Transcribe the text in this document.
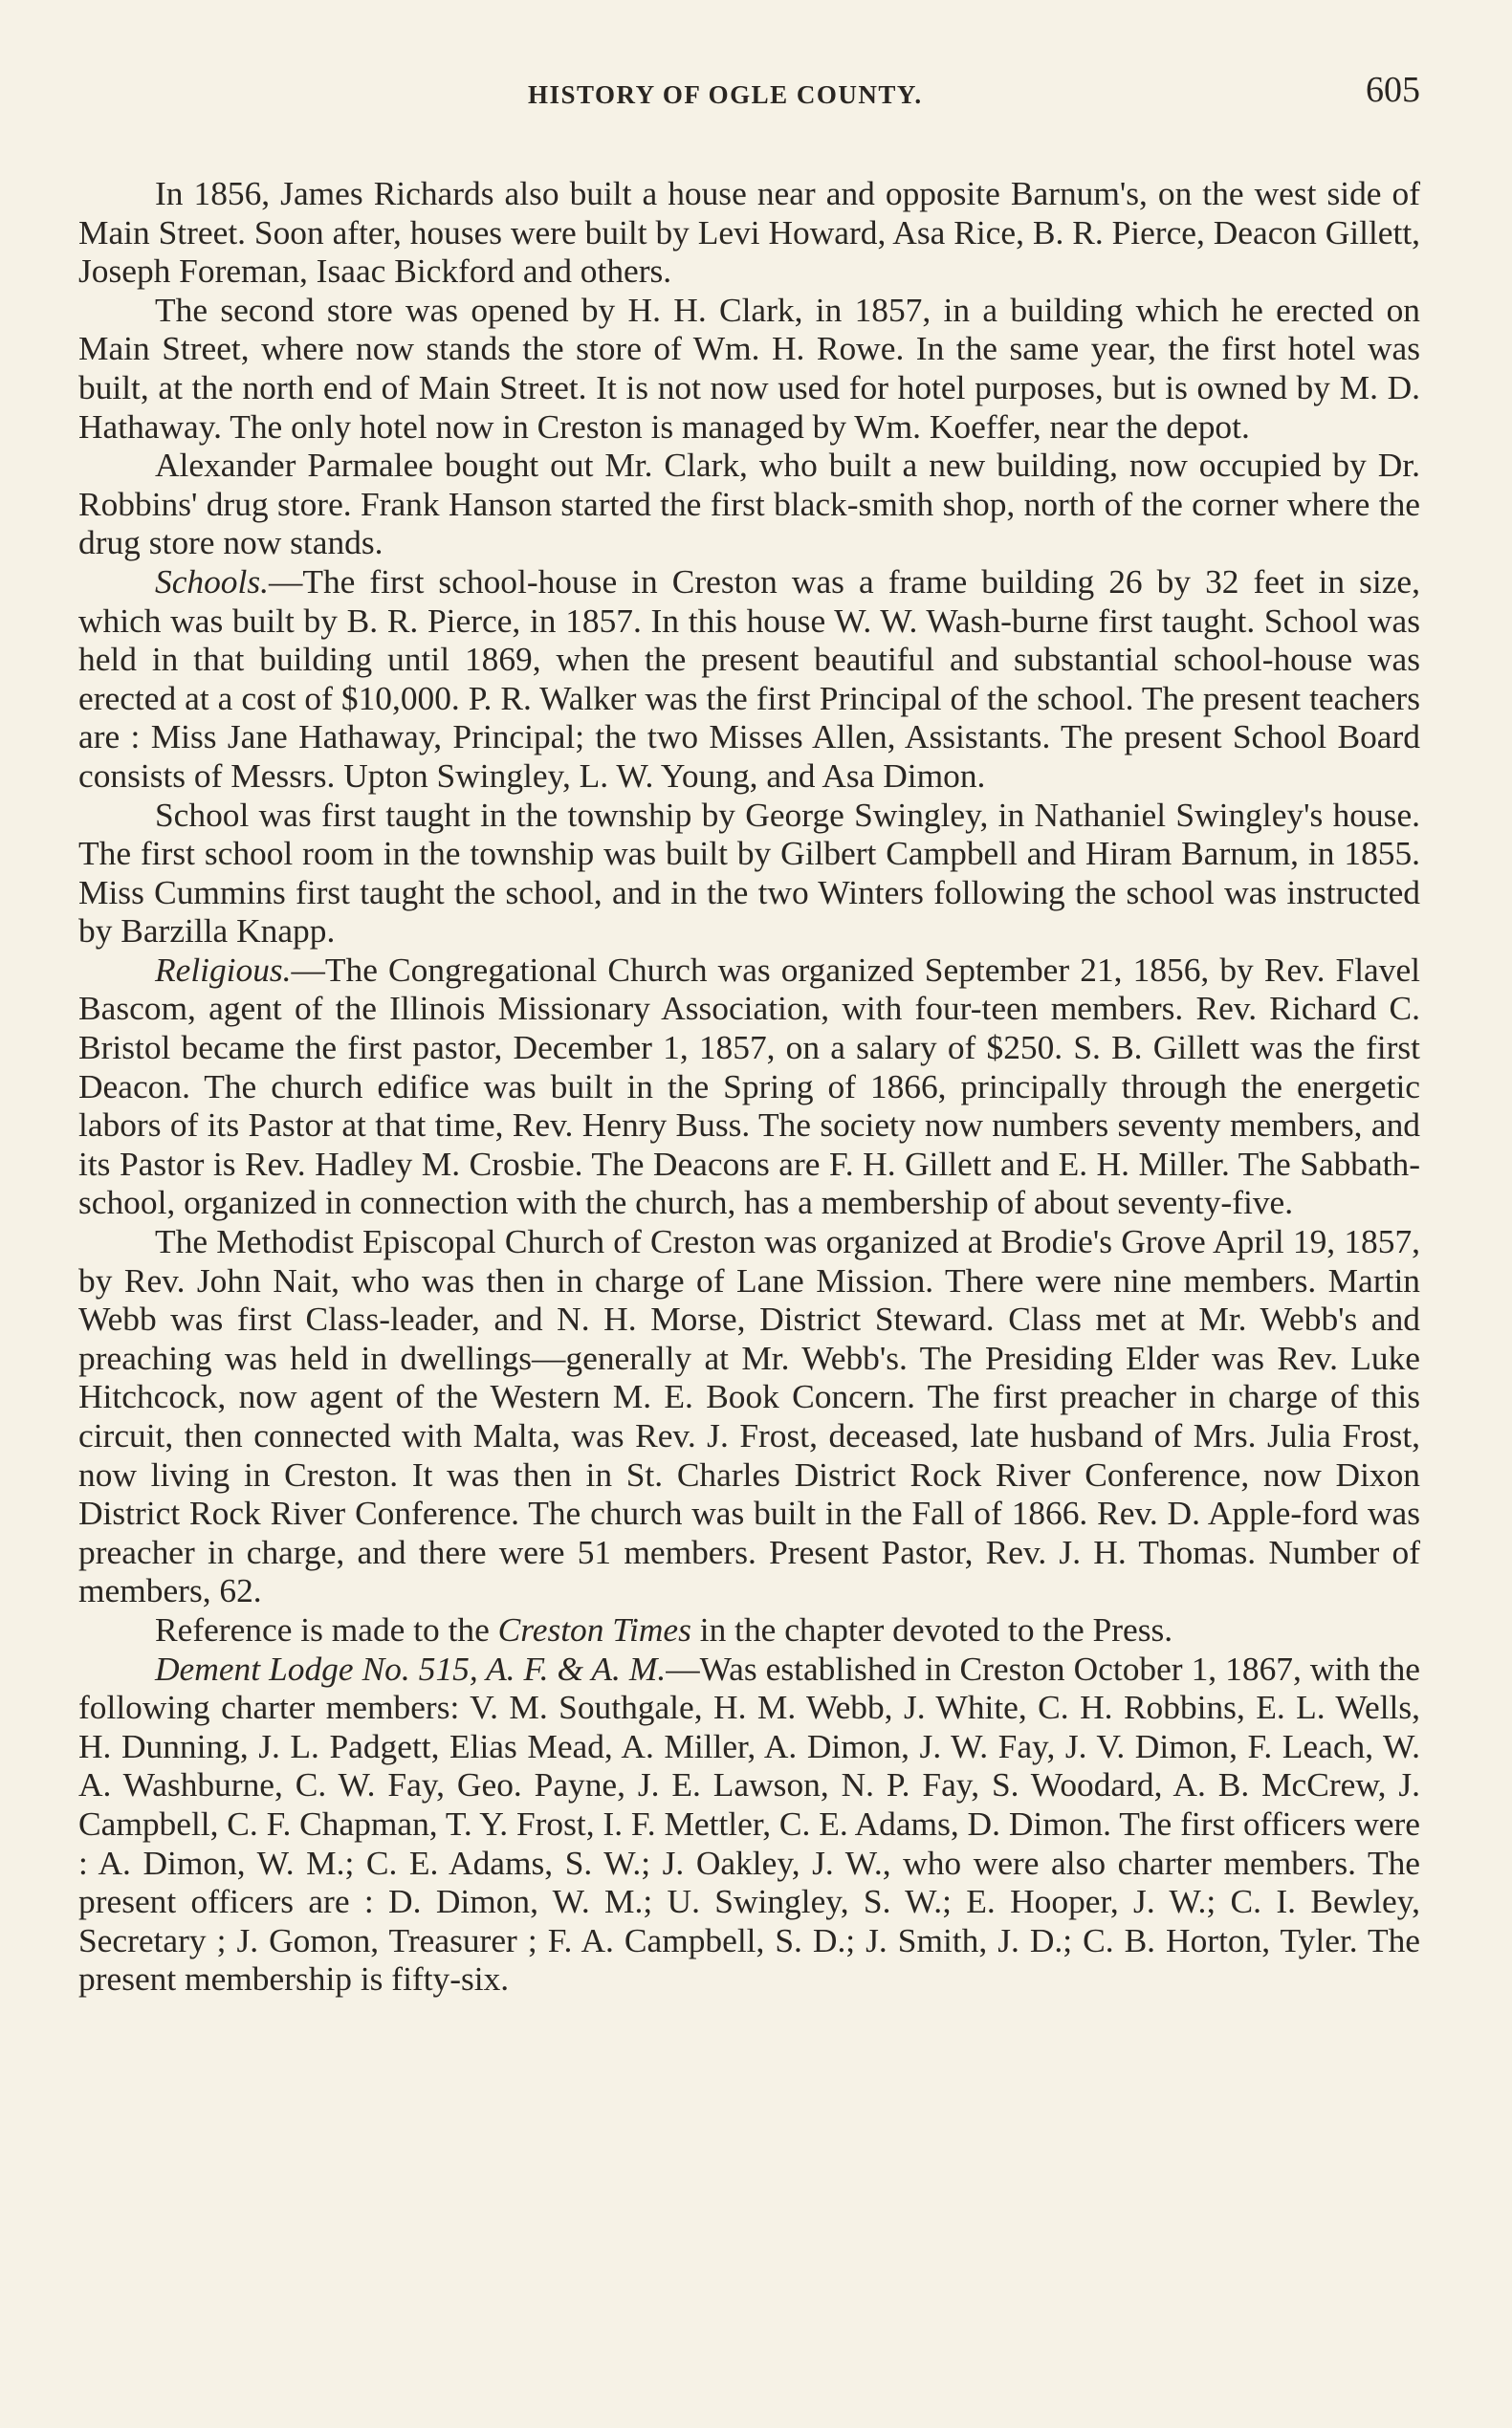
HISTORY OF OGLE COUNTY.	605

In 1856, James Richards also built a house near and opposite Barnum's, on the west side of Main Street. Soon after, houses were built by Levi Howard, Asa Rice, B. R. Pierce, Deacon Gillett, Joseph Foreman, Isaac Bickford and others.

The second store was opened by H. H. Clark, in 1857, in a building which he erected on Main Street, where now stands the store of Wm. H. Rowe. In the same year, the first hotel was built, at the north end of Main Street. It is not now used for hotel purposes, but is owned by M. D. Hathaway. The only hotel now in Creston is managed by Wm. Koeffer, near the depot.

Alexander Parmalee bought out Mr. Clark, who built a new building, now occupied by Dr. Robbins' drug store. Frank Hanson started the first black-smith shop, north of the corner where the drug store now stands.

Schools.—The first school-house in Creston was a frame building 26 by 32 feet in size, which was built by B. R. Pierce, in 1857. In this house W. W. Wash-burne first taught. School was held in that building until 1869, when the present beautiful and substantial school-house was erected at a cost of $10,000. P. R. Walker was the first Principal of the school. The present teachers are : Miss Jane Hathaway, Principal; the two Misses Allen, Assistants. The present School Board consists of Messrs. Upton Swingley, L. W. Young, and Asa Dimon.

School was first taught in the township by George Swingley, in Nathaniel Swingley's house. The first school room in the township was built by Gilbert Campbell and Hiram Barnum, in 1855. Miss Cummins first taught the school, and in the two Winters following the school was instructed by Barzilla Knapp.

Religious.—The Congregational Church was organized September 21, 1856, by Rev. Flavel Bascom, agent of the Illinois Missionary Association, with four-teen members. Rev. Richard C. Bristol became the first pastor, December 1, 1857, on a salary of $250. S. B. Gillett was the first Deacon. The church edifice was built in the Spring of 1866, principally through the energetic labors of its Pastor at that time, Rev. Henry Buss. The society now numbers seventy members, and its Pastor is Rev. Hadley M. Crosbie. The Deacons are F. H. Gillett and E. H. Miller. The Sabbath-school, organized in connection with the church, has a membership of about seventy-five.

The Methodist Episcopal Church of Creston was organized at Brodie's Grove April 19, 1857, by Rev. John Nait, who was then in charge of Lane Mission. There were nine members. Martin Webb was first Class-leader, and N. H. Morse, District Steward. Class met at Mr. Webb's and preaching was held in dwellings—generally at Mr. Webb's. The Presiding Elder was Rev. Luke Hitchcock, now agent of the Western M. E. Book Concern. The first preacher in charge of this circuit, then connected with Malta, was Rev. J. Frost, deceased, late husband of Mrs. Julia Frost, now living in Creston. It was then in St. Charles District Rock River Conference, now Dixon District Rock River Conference. The church was built in the Fall of 1866. Rev. D. Apple-ford was preacher in charge, and there were 51 members. Present Pastor, Rev. J. H. Thomas. Number of members, 62.

Reference is made to the Creston Times in the chapter devoted to the Press.

Dement Lodge No. 515, A. F. & A. M.—Was established in Creston October 1, 1867, with the following charter members: V. M. Southgale, H. M. Webb, J. White, C. H. Robbins, E. L. Wells, H. Dunning, J. L. Padgett, Elias Mead, A. Miller, A. Dimon, J. W. Fay, J. V. Dimon, F. Leach, W. A. Washburne, C. W. Fay, Geo. Payne, J. E. Lawson, N. P. Fay, S. Woodard, A. B. McCrew, J. Campbell, C. F. Chapman, T. Y. Frost, I. F. Mettler, C. E. Adams, D. Dimon. The first officers were : A. Dimon, W. M.; C. E. Adams, S. W.; J. Oakley, J. W., who were also charter members. The present officers are : D. Dimon, W. M.; U. Swingley, S. W.; E. Hooper, J. W.; C. I. Bewley, Secretary ; J. Gomon, Treasurer ; F. A. Campbell, S. D.; J. Smith, J. D.; C. B. Horton, Tyler. The present membership is fifty-six.
